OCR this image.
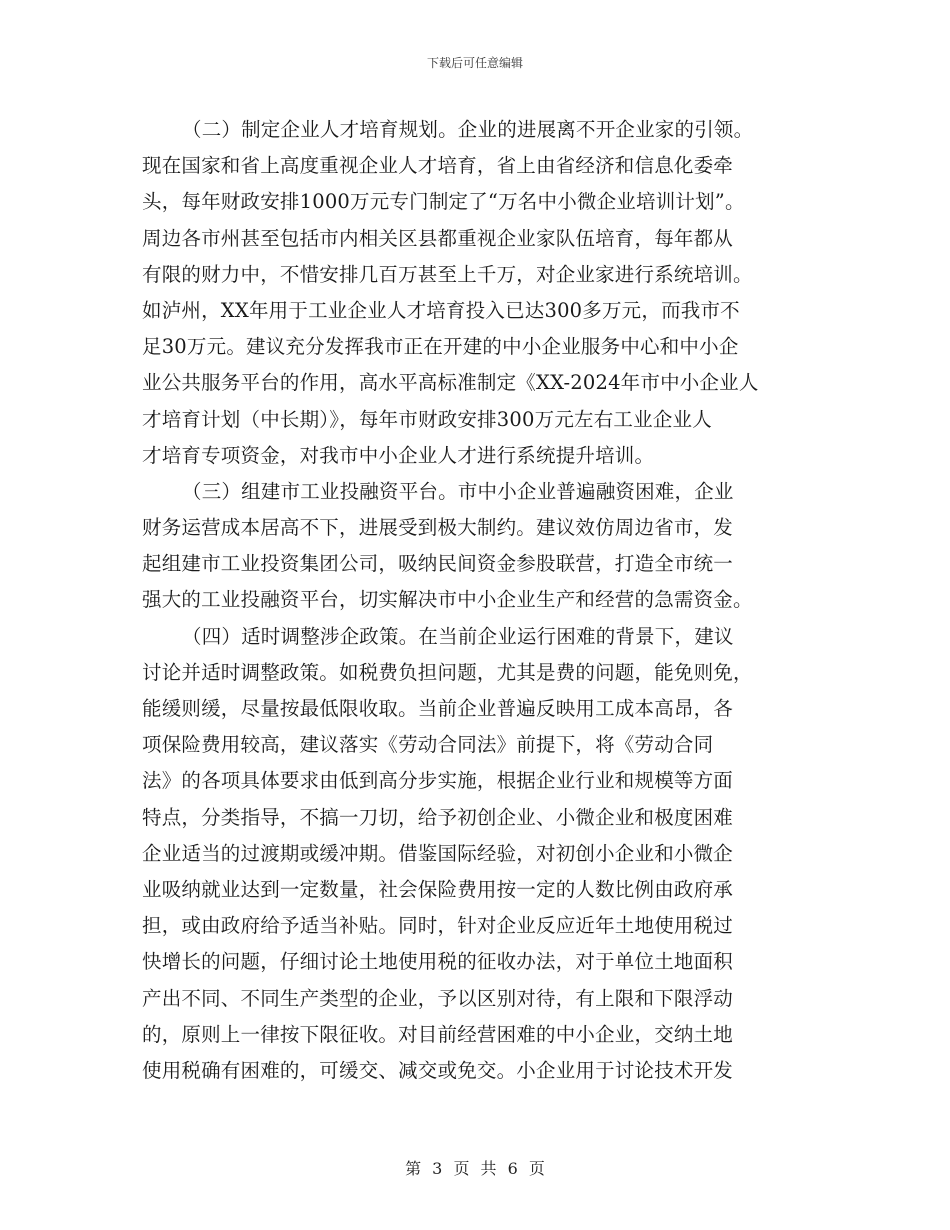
下载后可任意编辑
（二）制定企业人才培育规划。企业的进展离不开企业家的引领。
现在国家和省上高度重视企业人才培育，省上由省经济和信息化委牵
头，每年财政安排1000万元专门制定了“万名中小微企业培训计划”。
周边各市州甚至包括市内相关区县都重视企业家队伍培育，每年都从
有限的财力中，不惜安排几百万甚至上千万，对企业家进行系统培训。
如泸州，XX年用于工业企业人才培育投入已达300多万元，而我市不
足30万元。建议充分发挥我市正在开建的中小企业服务中心和中小企
业公共服务平台的作用，高水平高标准制定《XX-2024年市中小企业人
才培育计划（中长期）》，每年市财政安排300万元左右工业企业人
才培育专项资金，对我市中小企业人才进行系统提升培训。
（三）组建市工业投融资平台。市中小企业普遍融资困难，企业
财务运营成本居高不下，进展受到极大制约。建议效仿周边省市，发
起组建市工业投资集团公司，吸纳民间资金参股联营，打造全市统一
强大的工业投融资平台，切实解决市中小企业生产和经营的急需资金。
（四）适时调整涉企政策。在当前企业运行困难的背景下，建议
讨论并适时调整政策。如税费负担问题，尤其是费的问题，能免则免，
能缓则缓，尽量按最低限收取。当前企业普遍反映用工成本高昂，各
项保险费用较高，建议落实《劳动合同法》前提下，将《劳动合同
法》的各项具体要求由低到高分步实施，根据企业行业和规模等方面
特点，分类指导，不搞一刀切，给予初创企业、小微企业和极度困难
企业适当的过渡期或缓冲期。借鉴国际经验，对初创小企业和小微企
业吸纳就业达到一定数量，社会保险费用按一定的人数比例由政府承
担，或由政府给予适当补贴。同时，针对企业反应近年土地使用税过
快增长的问题，仔细讨论土地使用税的征收办法，对于单位土地面积
产出不同、不同生产类型的企业，予以区别对待，有上限和下限浮动
的，原则上一律按下限征收。对目前经营困难的中小企业，交纳土地
使用税确有困难的，可缓交、减交或免交。小企业用于讨论技术开发
第 3 页 共 6 页
